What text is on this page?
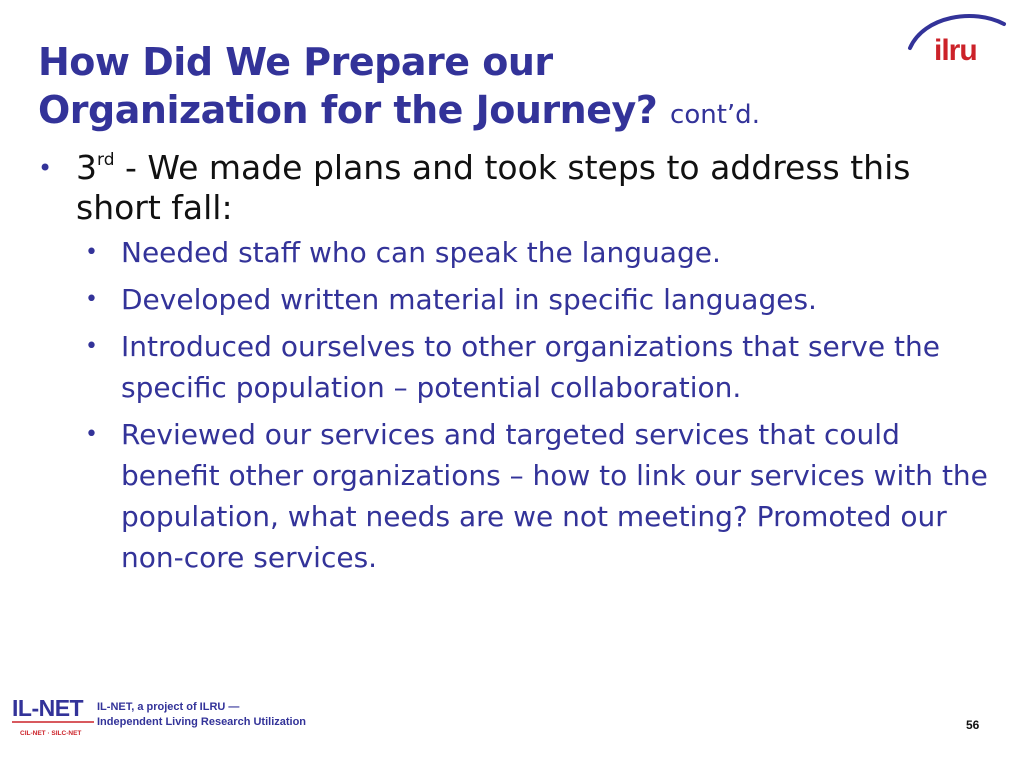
How Did We Prepare our
Organization for the Journey? cont’d.
ilru
• 3rd - We made plans and took steps to address this short fall:
• Needed staff who can speak the language.
• Developed written material in specific languages.
• Introduced ourselves to other organizations that serve the specific population – potential collaboration.
• Reviewed our services and targeted services that could benefit other organizations – how to link our services with the population, what needs are we not meeting? Promoted our non-core services.
IL-NET
CIL-NET · SILC-NET
IL-NET, a project of ILRU —
Independent Living Research Utilization	56
